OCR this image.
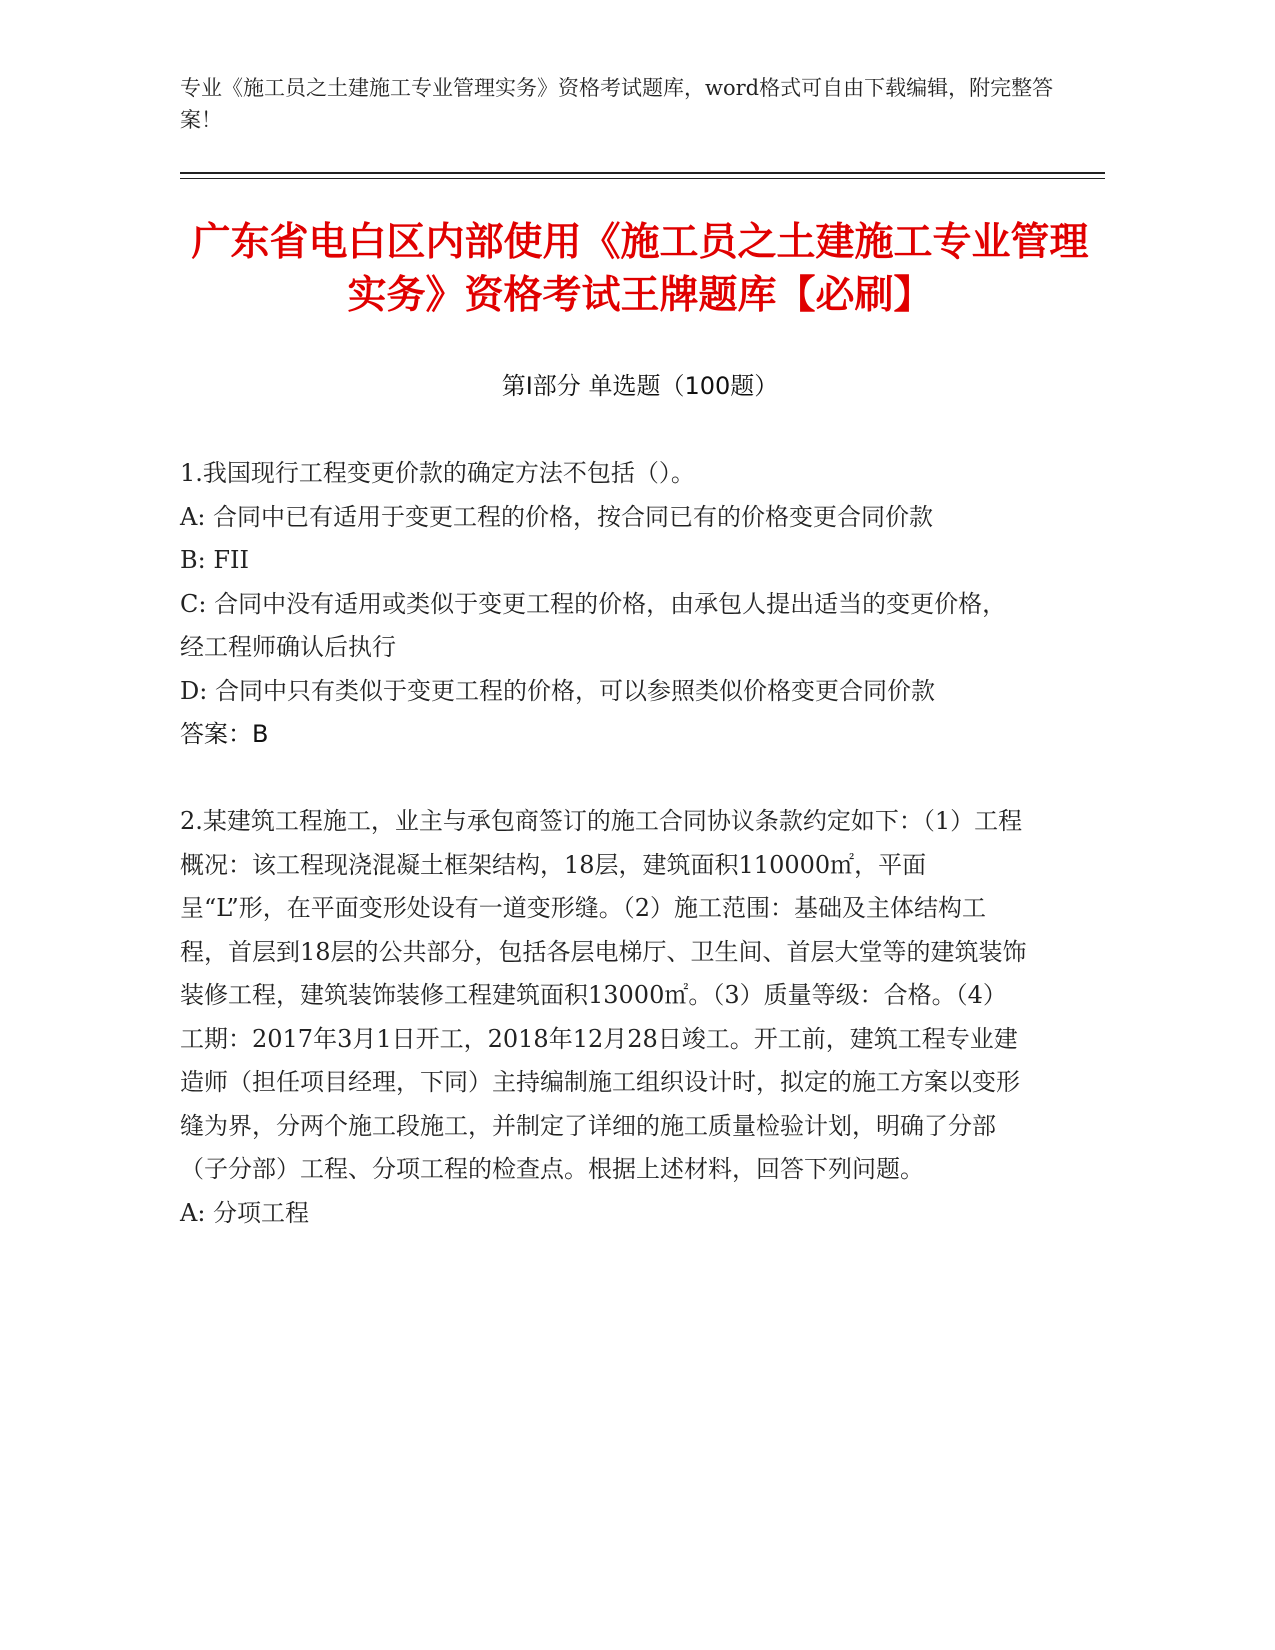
专业《施工员之土建施工专业管理实务》资格考试题库，word格式可自由下载编辑，附完整答案！
广东省电白区内部使用《施工员之土建施工专业管理实务》资格考试王牌题库【必刷】
第I部分 单选题（100题）

1.我国现行工程变更价款的确定方法不包括（）。

A: 合同中已有适用于变更工程的价格，按合同已有的价格变更合同价款

B: FII

C: 合同中没有适用或类似于变更工程的价格，由承包人提出适当的变更价格，经工程师确认后执行

D: 合同中只有类似于变更工程的价格，可以参照类似价格变更合同价款

答案：B

2.某建筑工程施工，业主与承包商签订的施工合同协议条款约定如下：（1）工程概况：该工程现浇混凝土框架结构，18层，建筑面积110000㎡，平面呈“L”形，在平面变形处设有一道变形缝。（2）施工范围：基础及主体结构工程，首层到18层的公共部分，包括各层电梯厅、卫生间、首层大堂等的建筑装饰装修工程，建筑装饰装修工程建筑面积13000㎡。（3）质量等级：合格。（4）工期：2017年3月1日开工，2018年12月28日竣工。开工前，建筑工程专业建造师（担任项目经理，下同）主持编制施工组织设计时，拟定的施工方案以变形缝为界，分两个施工段施工，并制定了详细的施工质量检验计划，明确了分部（子分部）工程、分项工程的检查点。根据上述材料，回答下列问题。

A: 分项工程
